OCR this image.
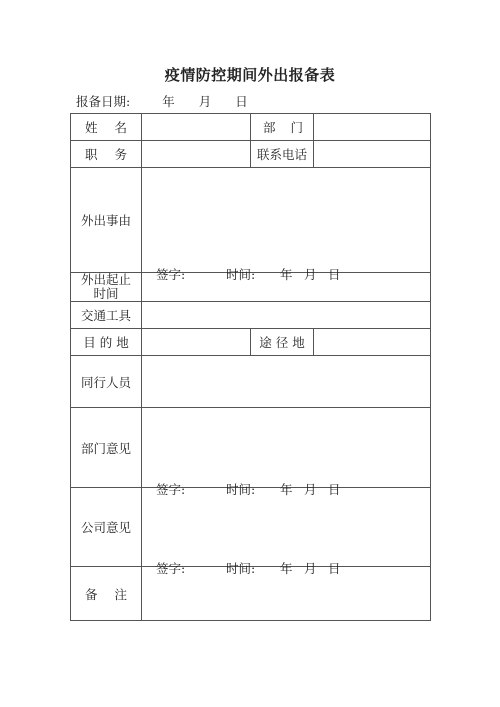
疫情防控期间外出报备表
报备日期:	年 月 日
姓 名		部 门	

职 务		联系电话	
外出事由	签字: 时间: 年 月 日		

外出起止
时间			

交通工具			
目 的 地		途 径 地	
同行人员			
部门意见	签字: 时间: 年 月 日		

公司意见	签字: 时间: 年 月 日		

备 注			
